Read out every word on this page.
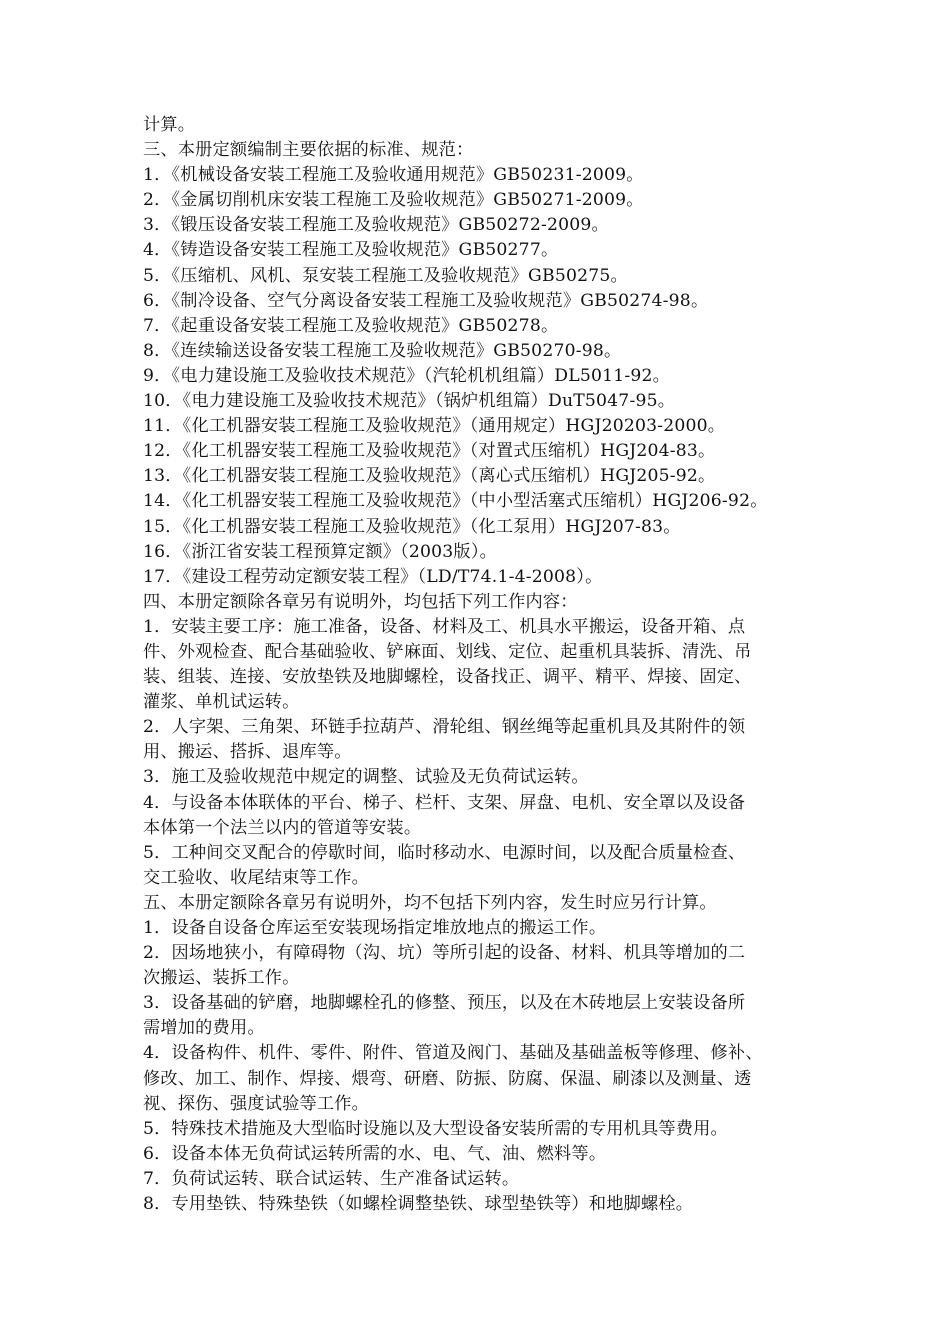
计算。
三、本册定额编制主要依据的标准、规范：
1．《机械设备安装工程施工及验收通用规范》GB50231-2009。
2．《金属切削机床安装工程施工及验收规范》GB50271-2009。
3．《锻压设备安装工程施工及验收规范》GB50272-2009。
4．《铸造设备安装工程施工及验收规范》GB50277。
5．《压缩机、风机、泵安装工程施工及验收规范》GB50275。
6．《制冷设备、空气分离设备安装工程施工及验收规范》GB50274-98。
7．《起重设备安装工程施工及验收规范》GB50278。
8．《连续输送设备安装工程施工及验收规范》GB50270-98。
9．《电力建设施工及验收技术规范》（汽轮机机组篇）DL5011-92。
10．《电力建设施工及验收技术规范》（锅炉机组篇）DuT5047-95。
11．《化工机器安装工程施工及验收规范》（通用规定）HGJ20203-2000。
12．《化工机器安装工程施工及验收规范》（对置式压缩机）HGJ204-83。
13．《化工机器安装工程施工及验收规范》（离心式压缩机）HGJ205-92。
14．《化工机器安装工程施工及验收规范》（中小型活塞式压缩机）HGJ206-92。
15．《化工机器安装工程施工及验收规范》（化工泵用）HGJ207-83。
16．《浙江省安装工程预算定额》（2003版）。
17．《建设工程劳动定额安装工程》（LD/T74.1-4-2008）。
四、本册定额除各章另有说明外，均包括下列工作内容：
1．安装主要工序：施工准备，设备、材料及工、机具水平搬运，设备开箱、点
件、外观检查、配合基础验收、铲麻面、划线、定位、起重机具装拆、清洗、吊
装、组装、连接、安放垫铁及地脚螺栓，设备找正、调平、精平、焊接、固定、
灌浆、单机试运转。
2．人字架、三角架、环链手拉葫芦、滑轮组、钢丝绳等起重机具及其附件的领
用、搬运、搭拆、退库等。
3．施工及验收规范中规定的调整、试验及无负荷试运转。
4．与设备本体联体的平台、梯子、栏杆、支架、屏盘、电机、安全罩以及设备
本体第一个法兰以内的管道等安装。
5．工种间交叉配合的停歇时间，临时移动水、电源时间，以及配合质量检查、
交工验收、收尾结束等工作。
五、本册定额除各章另有说明外，均不包括下列内容，发生时应另行计算。
1．设备自设备仓库运至安装现场指定堆放地点的搬运工作。
2．因场地狭小，有障碍物（沟、坑）等所引起的设备、材料、机具等增加的二
次搬运、装拆工作。
3．设备基础的铲磨，地脚螺栓孔的修整、预压，以及在木砖地层上安装设备所
需增加的费用。
4．设备构件、机件、零件、附件、管道及阀门、基础及基础盖板等修理、修补、
修改、加工、制作、焊接、煨弯、研磨、防振、防腐、保温、刷漆以及测量、透
视、探伤、强度试验等工作。
5．特殊技术措施及大型临时设施以及大型设备安装所需的专用机具等费用。
6．设备本体无负荷试运转所需的水、电、气、油、燃料等。
7．负荷试运转、联合试运转、生产准备试运转。
8．专用垫铁、特殊垫铁（如螺栓调整垫铁、球型垫铁等）和地脚螺栓。
